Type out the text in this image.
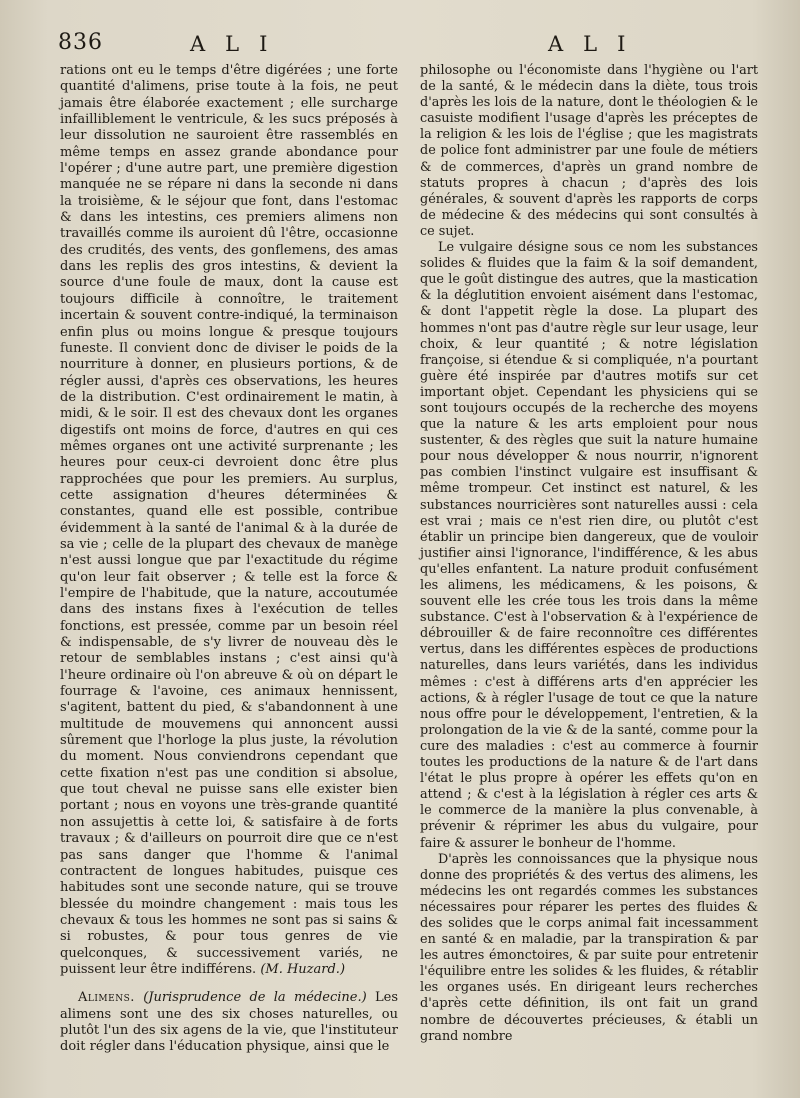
836	ALI	ALI

rations ont eu le temps d'être digérées ; une forte quantité d'alimens, prise toute à la fois, ne peut jamais être élaborée exactement ; elle surcharge infailliblement le ventricule, & les sucs préposés à leur dissolution ne sauroient être rassemblés en même temps en assez grande abondance pour l'opérer ; d'une autre part, une première digestion manquée ne se répare ni dans la seconde ni dans la troisième, & le séjour que font, dans l'estomac & dans les intestins, ces premiers alimens non travaillés comme ils auroient dû l'être, occasionne des crudités, des vents, des gonflemens, des amas dans les replis des gros intestins, & devient la source d'une foule de maux, dont la cause est toujours difficile à connoître, le traitement incertain & souvent contre-indiqué, la terminaison enfin plus ou moins longue & presque toujours funeste. Il convient donc de diviser le poids de la nourriture à donner, en plusieurs portions, & de régler aussi, d'après ces observations, les heures de la distribution. C'est ordinairement le matin, à midi, & le soir. Il est des chevaux dont les organes digestifs ont moins de force, d'autres en qui ces mêmes organes ont une activité surprenante ; les heures pour ceux-ci devroient donc être plus rapprochées que pour les premiers. Au surplus, cette assignation d'heures déterminées & constantes, quand elle est possible, contribue évidemment à la santé de l'animal & à la durée de sa vie ; celle de la plupart des chevaux de manège n'est aussi longue que par l'exactitude du régime qu'on leur fait observer ; & telle est la force & l'empire de l'habitude, que la nature, accoutumée dans des instans fixes à l'exécution de telles fonctions, est pressée, comme par un besoin réel & indispensable, de s'y livrer de nouveau dès le retour de semblables instans ; c'est ainsi qu'à l'heure ordinaire où l'on abreuve & où on départ le fourrage & l'avoine, ces animaux hennissent, s'agitent, battent du pied, & s'abandonnent à une multitude de mouvemens qui annoncent aussi sûrement que l'horloge la plus juste, la révolution du moment. Nous conviendrons cependant que cette fixation n'est pas une condition si absolue, que tout cheval ne puisse sans elle exister bien portant ; nous en voyons une très-grande quantité non assujettis à cette loi, & satisfaire à de forts travaux ; & d'ailleurs on pourroit dire que ce n'est pas sans danger que l'homme & l'animal contractent de longues habitudes, puisque ces habitudes sont une seconde nature, qui se trouve blessée du moindre changement : mais tous les chevaux & tous les hommes ne sont pas si sains & si robustes, & pour tous genres de vie quelconques, & successivement variés, ne puissent leur être indifférens. (M. Huzard.)

Alimens. (Jurisprudence de la médecine.) Les alimens sont une des six choses naturelles, ou plutôt l'un des six agens de la vie, que l'instituteur doit régler dans l'éducation physique, ainsi que le

philosophe ou l'économiste dans l'hygiène ou l'art de la santé, & le médecin dans la diète, tous trois d'après les lois de la nature, dont le théologien & le casuiste modifient l'usage d'après les préceptes de la religion & les lois de l'église ; que les magistrats de police font administrer par une foule de métiers & de commerces, d'après un grand nombre de statuts propres à chacun ; d'après des lois générales, & souvent d'après les rapports de corps de médecine & des médecins qui sont consultés à ce sujet.

Le vulgaire désigne sous ce nom les substances solides & fluides que la faim & la soif demandent, que le goût distingue des autres, que la mastication & la déglutition envoient aisément dans l'estomac, & dont l'appetit règle la dose. La plupart des hommes n'ont pas d'autre règle sur leur usage, leur choix, & leur quantité ; & notre législation françoise, si étendue & si compliquée, n'a pourtant guère été inspirée par d'autres motifs sur cet important objet. Cependant les physiciens qui se sont toujours occupés de la recherche des moyens que la nature & les arts emploient pour nous sustenter, & des règles que suit la nature humaine pour nous développer & nous nourrir, n'ignorent pas combien l'instinct vulgaire est insuffisant & même trompeur. Cet instinct est naturel, & les substances nourricières sont naturelles aussi : cela est vrai ; mais ce n'est rien dire, ou plutôt c'est établir un principe bien dangereux, que de vouloir justifier ainsi l'ignorance, l'indifférence, & les abus qu'elles enfantent. La nature produit confusément les alimens, les médicamens, & les poisons, & souvent elle les crée tous les trois dans la même substance. C'est à l'observation & à l'expérience de débrouiller & de faire reconnoître ces différentes vertus, dans les différentes espèces de productions naturelles, dans leurs variétés, dans les individus mêmes : c'est à différens arts d'en apprécier les actions, & à régler l'usage de tout ce que la nature nous offre pour le développement, l'entretien, & la prolongation de la vie & de la santé, comme pour la cure des maladies : c'est au commerce à fournir toutes les productions de la nature & de l'art dans l'état le plus propre à opérer les effets qu'on en attend ; & c'est à la législation à régler ces arts & le commerce de la manière la plus convenable, à prévenir & réprimer les abus du vulgaire, pour faire & assurer le bonheur de l'homme.

D'après les connoissances que la physique nous donne des propriétés & des vertus des alimens, les médecins les ont regardés commes les substances nécessaires pour réparer les pertes des fluides & des solides que le corps animal fait incessamment en santé & en maladie, par la transpiration & par les autres émonctoires, & par suite pour entretenir l'équilibre entre les solides & les fluides, & rétablir les organes usés. En dirigeant leurs recherches d'après cette définition, ils ont fait un grand nombre de découvertes précieuses, & établi un grand nombre
